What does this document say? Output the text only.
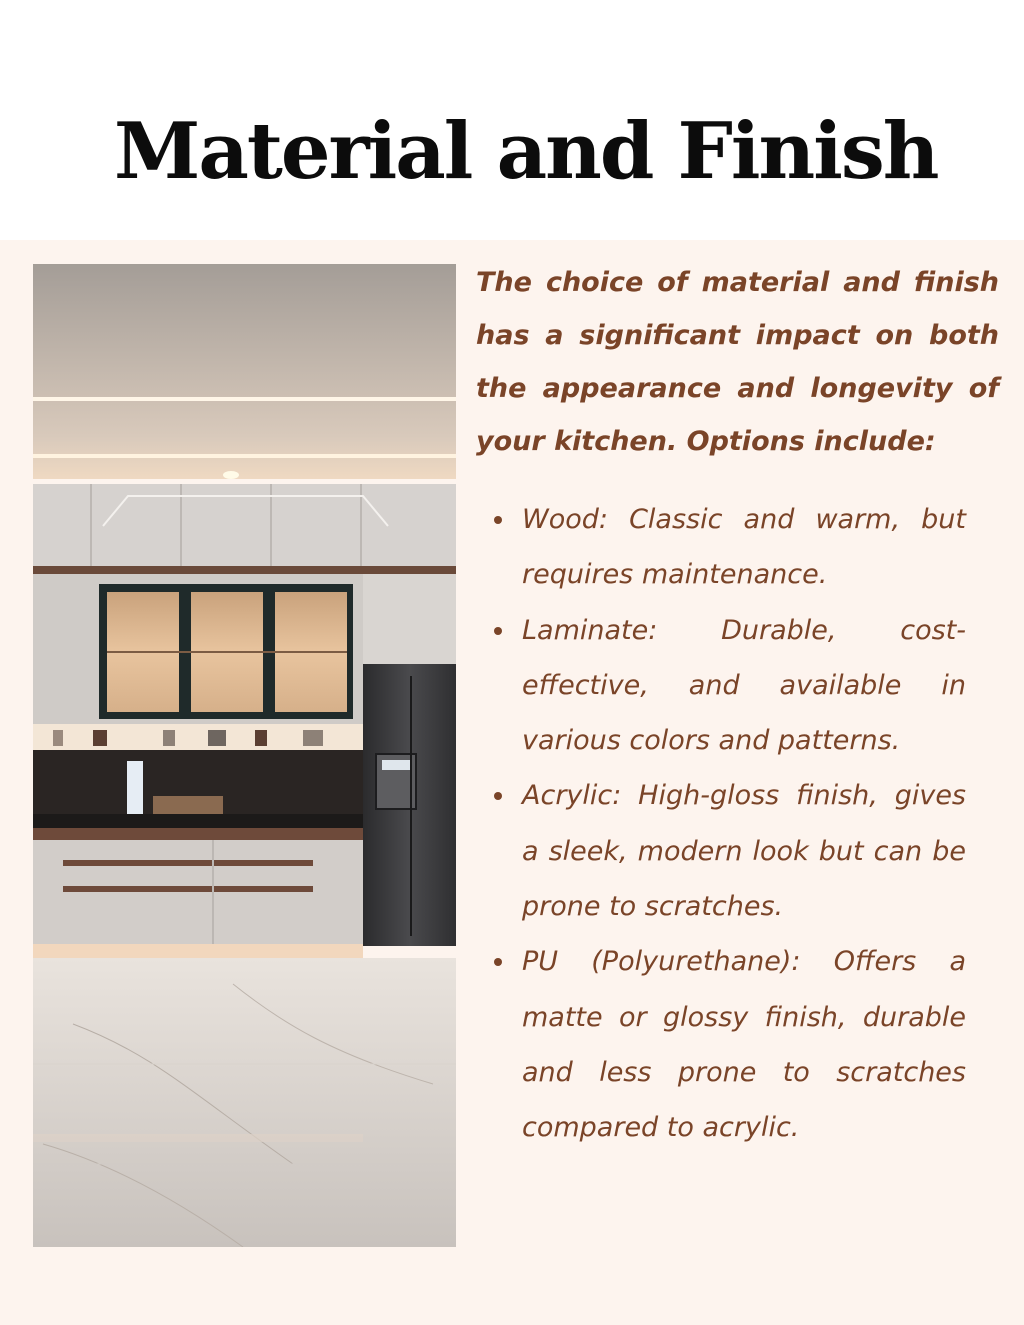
Material and Finish

The choice of material and finish has a significant impact on both the appearance and longevity of your kitchen. Options include:

Wood: Classic and warm, but requires maintenance.
Laminate: Durable, cost-effective, and available in various colors and patterns.
Acrylic: High-gloss finish, gives a sleek, modern look but can be prone to scratches.
PU (Polyurethane): Offers a matte or glossy finish, durable and less prone to scratches compared to acrylic.
